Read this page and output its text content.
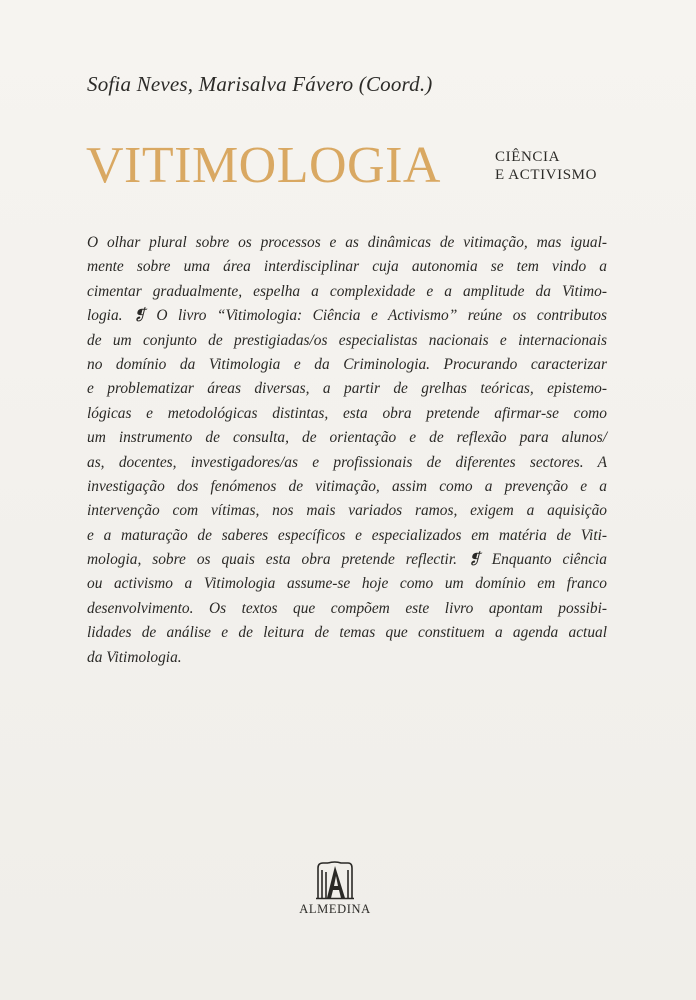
Sofia Neves, Marisalva Fávero (Coord.)
VITIMOLOGIA	CIÊNCIA
E ACTIVISMO
O olhar plural sobre os processos e as dinâmicas de vitimação, mas igual-
mente sobre uma área interdisciplinar cuja autonomia se tem vindo a
cimentar gradualmente, espelha a complexidade e a amplitude da Vitimo-
logia. ❡ O livro “Vitimologia: Ciência e Activismo” reúne os contributos
de um conjunto de prestigiadas/os especialistas nacionais e internacionais
no domínio da Vitimologia e da Criminologia. Procurando caracterizar
e problematizar áreas diversas, a partir de grelhas teóricas, epistemo-
lógicas e metodológicas distintas, esta obra pretende afirmar-se como
um instrumento de consulta, de orientação e de reflexão para alunos/
as, docentes, investigadores/as e profissionais de diferentes sectores. A
investigação dos fenómenos de vitimação, assim como a prevenção e a
intervenção com vítimas, nos mais variados ramos, exigem a aquisição
e a maturação de saberes específicos e especializados em matéria de Viti-
mologia, sobre os quais esta obra pretende reflectir. ❡ Enquanto ciência
ou activismo a Vitimologia assume-se hoje como um domínio em franco
desenvolvimento. Os textos que compõem este livro apontam possibi-
lidades de análise e de leitura de temas que constituem a agenda actual
da Vitimologia.
ALMEDINA
